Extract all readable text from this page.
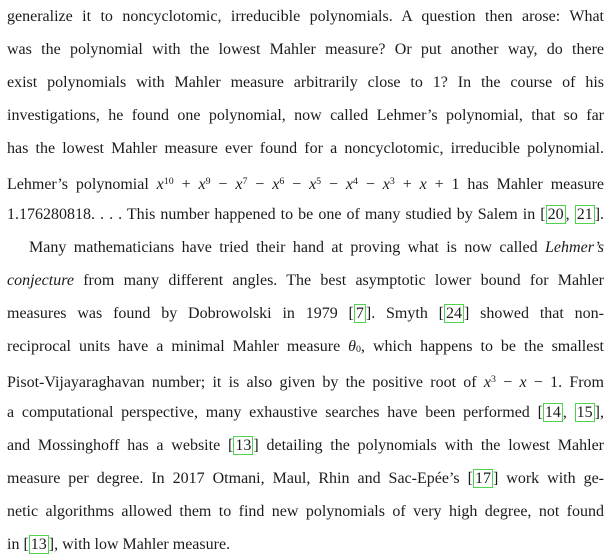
generalize it to noncyclotomic, irreducible polynomials. A question then arose: What
was the polynomial with the lowest Mahler measure? Or put another way, do there
exist polynomials with Mahler measure arbitrarily close to 1? In the course of his
investigations, he found one polynomial, now called Lehmer’s polynomial, that so far
has the lowest Mahler measure ever found for a noncyclotomic, irreducible polynomial.
Lehmer’s polynomial $x^{10} + x^9 - x^7 - x^6 - x^5 - x^4 - x^3 + x + 1$ has Mahler measure
1.176280818. . . . This number happened to be one of many studied by Salem in [ 20 , 21 ].
Many mathematicians have tried their hand at proving what is now called Lehmer’s
conjecture from many different angles. The best asymptotic lower bound for Mahler
measures was found by Dobrowolski in 1979 [ 7 ]. Smyth [ 24 ] showed that non-
reciprocal units have a minimal Mahler measure θ0, which happens to be the smallest
Pisot-Vijayaraghavan number; it is also given by the positive root of $x^3 - x - 1$. From
a computational perspective, many exhaustive searches have been performed [ 14 , 15 ],
and Mossinghoff has a website [ 13 ] detailing the polynomials with the lowest Mahler
measure per degree. In 2017 Otmani, Maul, Rhin and Sac-Epée’s [ 17 ] work with ge-
netic algorithms allowed them to find new polynomials of very high degree, not found
in [ 13 ], with low Mahler measure.
